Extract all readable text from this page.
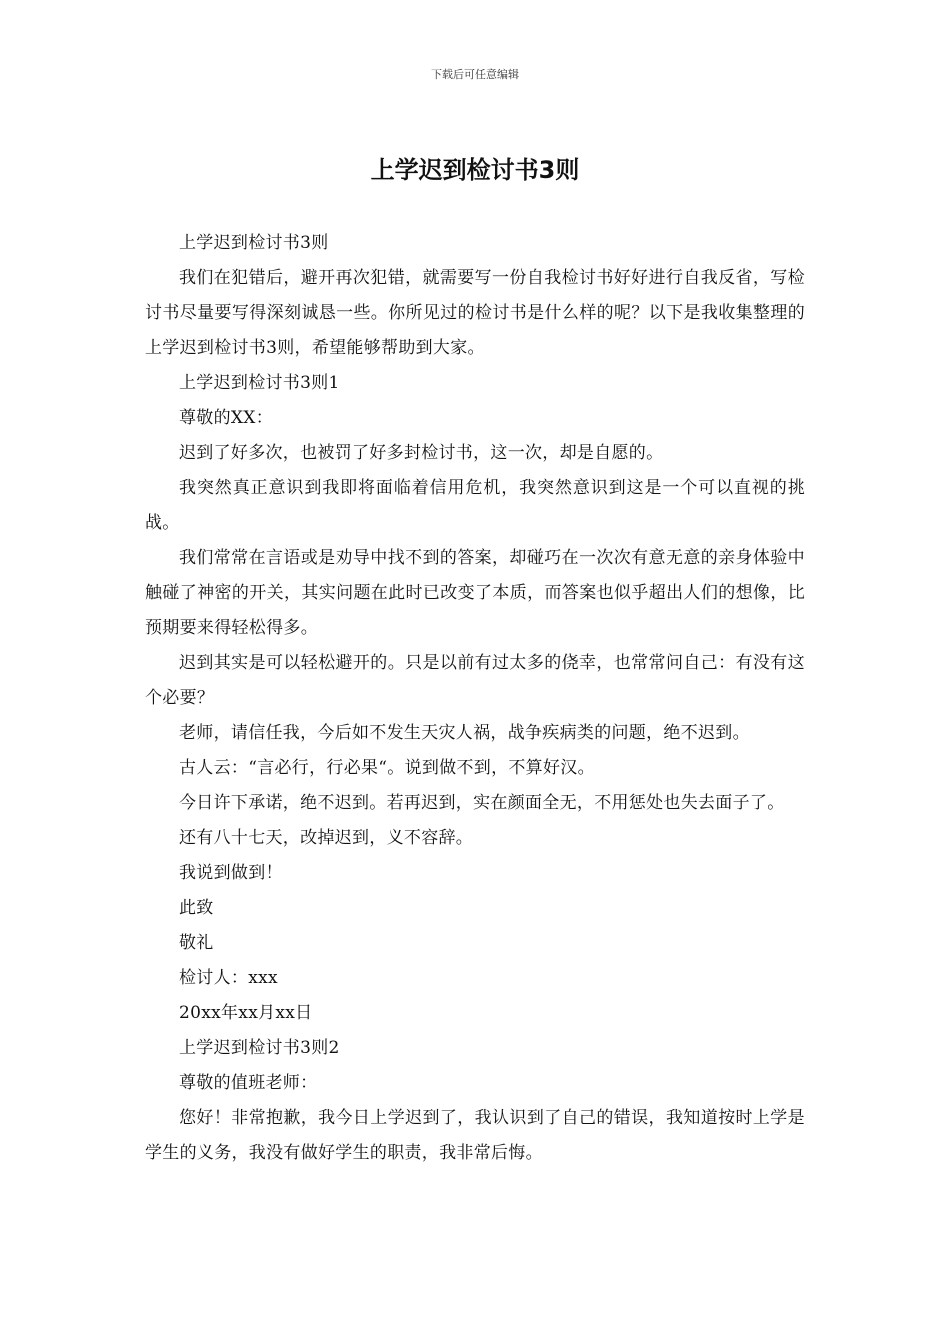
下载后可任意编辑
上学迟到检讨书3则

上学迟到检讨书3则

我们在犯错后，避开再次犯错，就需要写一份自我检讨书好好进行自我反省，写检讨书尽量要写得深刻诚恳一些。你所见过的检讨书是什么样的呢？以下是我收集整理的上学迟到检讨书3则，希望能够帮助到大家。

上学迟到检讨书3则1

尊敬的XX：

迟到了好多次，也被罚了好多封检讨书，这一次，却是自愿的。

我突然真正意识到我即将面临着信用危机，我突然意识到这是一个可以直视的挑战。

我们常常在言语或是劝导中找不到的答案，却碰巧在一次次有意无意的亲身体验中触碰了神密的开关，其实问题在此时已改变了本质，而答案也似乎超出人们的想像，比预期要来得轻松得多。

迟到其实是可以轻松避开的。只是以前有过太多的侥幸，也常常问自己：有没有这个必要？

老师，请信任我，今后如不发生天灾人祸，战争疾病类的问题，绝不迟到。

古人云：“言必行，行必果“。说到做不到，不算好汉。

今日许下承诺，绝不迟到。若再迟到，实在颜面全无，不用惩处也失去面子了。

还有八十七天，改掉迟到，义不容辞。

我说到做到！

此致

敬礼

检讨人：xxx

20xx年xx月xx日

上学迟到检讨书3则2

尊敬的值班老师：

您好！非常抱歉，我今日上学迟到了，我认识到了自己的错误，我知道按时上学是学生的义务，我没有做好学生的职责，我非常后悔。
